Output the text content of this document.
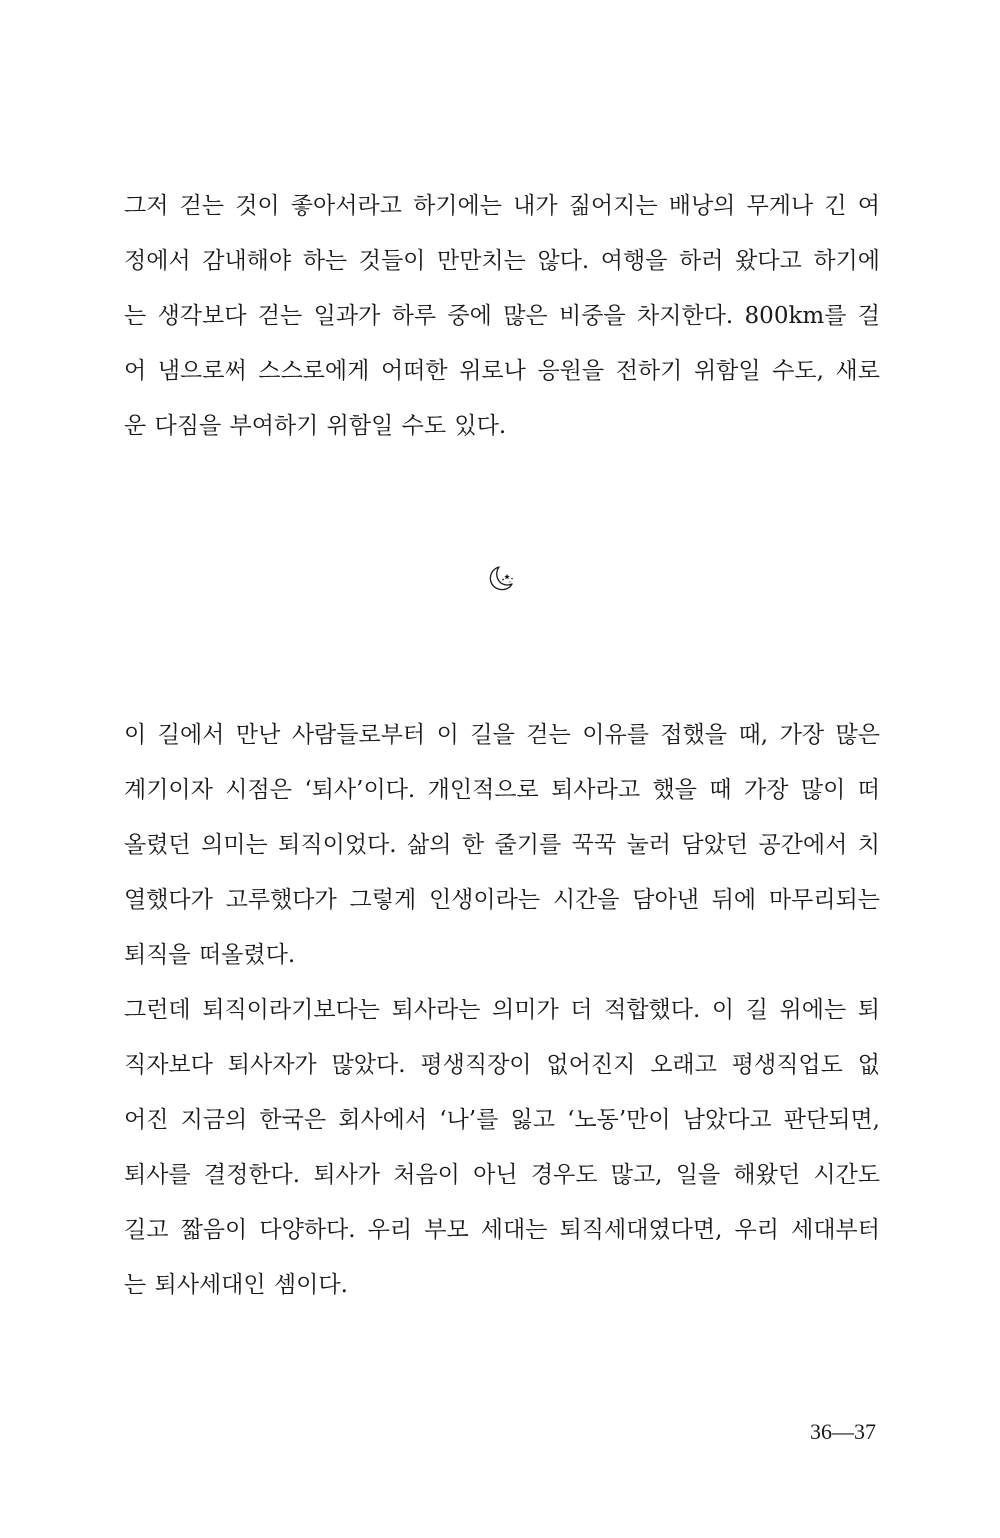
그저 걷는 것이 좋아서라고 하기에는 내가 짊어지는 배낭의 무게나 긴 여
정에서 감내해야 하는 것들이 만만치는 않다. 여행을 하러 왔다고 하기에
는 생각보다 걷는 일과가 하루 중에 많은 비중을 차지한다. 800km를 걸
어 냄으로써 스스로에게 어떠한 위로나 응원을 전하기 위함일 수도, 새로
운 다짐을 부여하기 위함일 수도 있다.
이 길에서 만난 사람들로부터 이 길을 걷는 이유를 접했을 때, 가장 많은
계기이자 시점은 ‘퇴사’이다. 개인적으로 퇴사라고 했을 때 가장 많이 떠
올렸던 의미는 퇴직이었다. 삶의 한 줄기를 꾹꾹 눌러 담았던 공간에서 치
열했다가 고루했다가 그렇게 인생이라는 시간을 담아낸 뒤에 마무리되는
퇴직을 떠올렸다.
그런데 퇴직이라기보다는 퇴사라는 의미가 더 적합했다. 이 길 위에는 퇴
직자보다 퇴사자가 많았다. 평생직장이 없어진지 오래고 평생직업도 없
어진 지금의 한국은 회사에서 ‘나’를 잃고 ‘노동’만이 남았다고 판단되면,
퇴사를 결정한다. 퇴사가 처음이 아닌 경우도 많고, 일을 해왔던 시간도
길고 짧음이 다양하다. 우리 부모 세대는 퇴직세대였다면, 우리 세대부터
는 퇴사세대인 셈이다.
36—37
